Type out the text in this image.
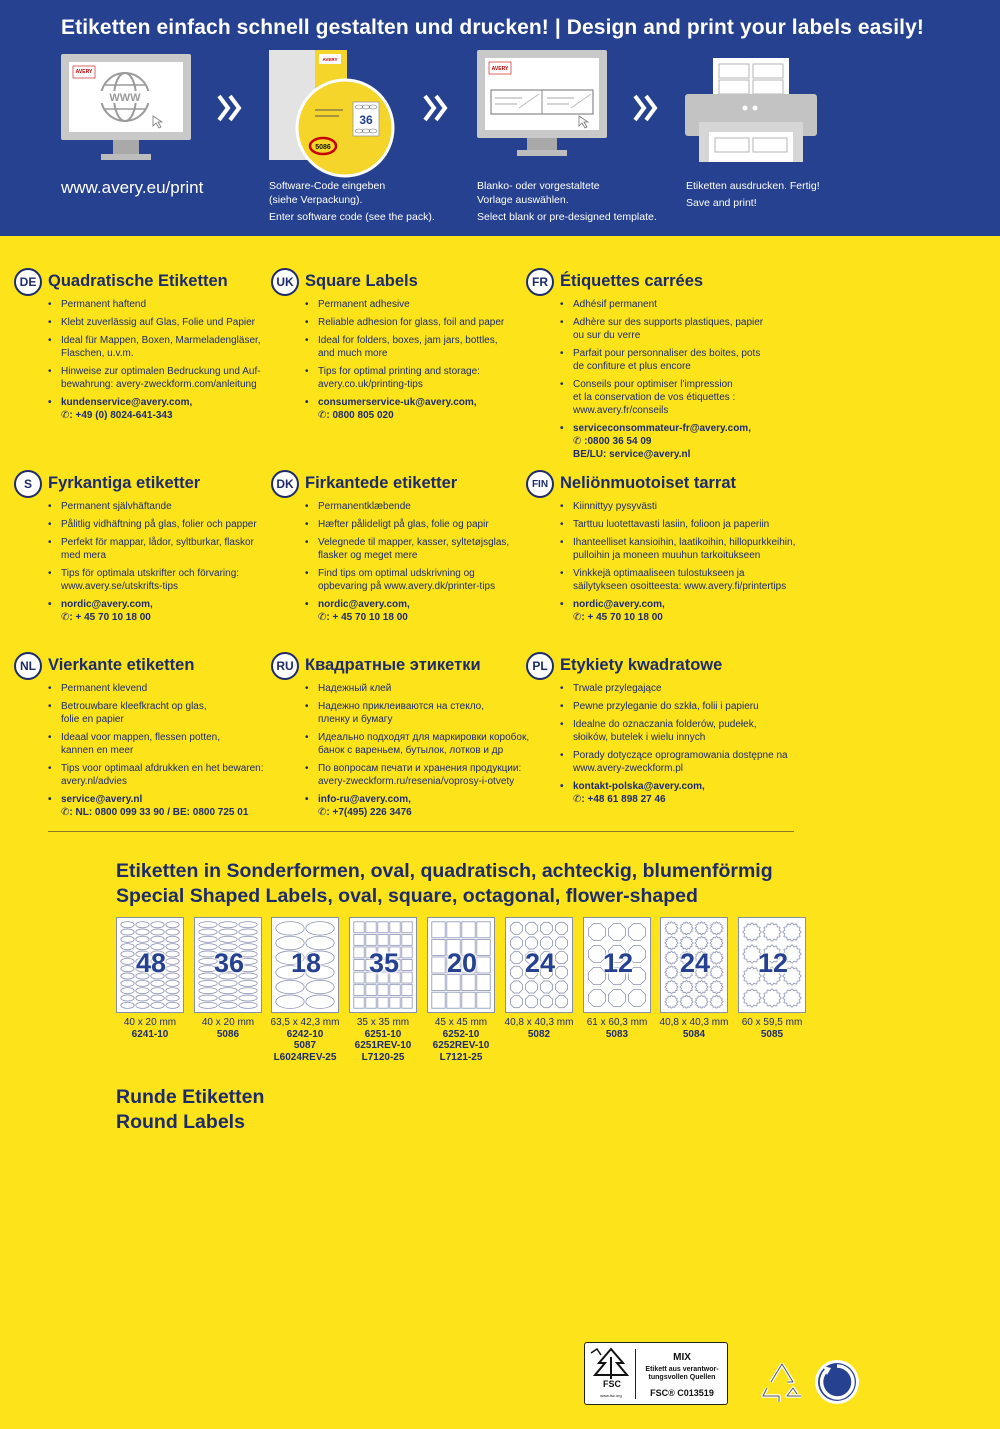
Etiketten einfach schnell gestalten und drucken! | Design and print your labels easily!
WWW
AVERY
www.avery.eu/print
AVERY
36
5086
Software-Code eingeben
(siehe Verpackung).
Enter software code (see the pack).
AVERY
Blanko- oder vorgestaltete
Vorlage auswählen.
Select blank or pre-designed template.
Etiketten ausdrucken. Fertig!
Save and print!
DE Quadratische Etiketten
• Permanent haftend
• Klebt zuverlässig auf Glas, Folie und Papier
• Ideal für Mappen, Boxen, Marmeladengläser,
Flaschen, u.v.m.
• Hinweise zur optimalen Bedruckung und Auf-
bewahrung: avery-zweckform.com/anleitung
• kundenservice@avery.com,
✆: +49 (0) 8024-641-343
UK Square Labels
• Permanent adhesive
• Reliable adhesion for glass, foil and paper
• Ideal for folders, boxes, jam jars, bottles,
and much more
• Tips for optimal printing and storage:
avery.co.uk/printing-tips
• consumerservice-uk@avery.com,
✆: 0800 805 020
FR Étiquettes carrées
• Adhésif permanent
• Adhère sur des supports plastiques, papier
ou sur du verre
• Parfait pour personnaliser des boites, pots
de confiture et plus encore
• Conseils pour optimiser l'impression
et la conservation de vos étiquettes :
www.avery.fr/conseils
• serviceconsommateur-fr@avery.com,
✆ :0800 36 54 09
BE/LU: service@avery.nl
S Fyrkantiga etiketter
• Permanent självhäftande
• Pålitlig vidhäftning på glas, folier och papper
• Perfekt för mappar, lådor, syltburkar, flaskor
med mera
• Tips för optimala utskrifter och förvaring:
www.avery.se/utskrifts-tips
• nordic@avery.com,
✆: + 45 70 10 18 00
DK Firkantede etiketter
• Permanentklæbende
• Hæfter pålideligt på glas, folie og papir
• Velegnede til mapper, kasser, syltetøjsglas,
flasker og meget mere
• Find tips om optimal udskrivning og
opbevaring på www.avery.dk/printer-tips
• nordic@avery.com,
✆: + 45 70 10 18 00
FIN Neliönmuotoiset tarrat
• Kiinnittyy pysyvästi
• Tarttuu luotettavasti lasiin, folioon ja paperiin
• Ihanteelliset kansioihin, laatikoihin, hillopurkkeihin,
pulloihin ja moneen muuhun tarkoitukseen
• Vinkkejä optimaaliseen tulostukseen ja
säilytykseen osoitteesta: www.avery.fi/printertips
• nordic@avery.com,
✆: + 45 70 10 18 00
NL Vierkante etiketten
• Permanent klevend
• Betrouwbare kleefkracht op glas,
folie en papier
• Ideaal voor mappen, flessen potten,
kannen en meer
• Tips voor optimaal afdrukken en het bewaren:
avery.nl/advies
• service@avery.nl
✆: NL: 0800 099 33 90 / BE: 0800 725 01
RU Квадратные этикетки
• Надежный клей
• Надежно приклеиваются на стекло,
пленку и бумагу
• Идеально подходят для маркировки коробок,
банок с вареньем, бутылок, лотков и др
• По вопросам печати и хранения продукции:
avery-zweckform.ru/resenia/voprosy-i-otvety
• info-ru@avery.com,
✆: +7(495) 226 3476
PL Etykiety kwadratowe
• Trwale przylegające
• Pewne przyleganie do szkła, folii i papieru
• Idealne do oznaczania folderów, pudełek,
słoików, butelek i wielu innych
• Porady dotyczące oprogramowania dostępne na
www.avery-zweckform.pl
• kontakt-polska@avery.com,
✆: +48 61 898 27 46
Etiketten in Sonderformen, oval, quadratisch, achteckig, blumenförmig
Special Shaped Labels, oval, square, octagonal, flower-shaped
48
40 x 20 mm
6241-10
36
40 x 20 mm
5086
18
63,5 x 42,3 mm
6242-10
5087
L6024REV-25
35
35 x 35 mm
6251-10
6251REV-10
L7120-25
20
45 x 45 mm
6252-10
6252REV-10
L7121-25
24
40,8 x 40,3 mm
5082
12
61 x 60,3 mm
5083
24
40,8 x 40,3 mm
5084
12
60 x 59,5 mm
5085
Runde Etiketten
Round Labels
FSC
www.fsc.org
MIX
Etikett aus verantwor-
tungsvollen Quellen
FSC® C013519
